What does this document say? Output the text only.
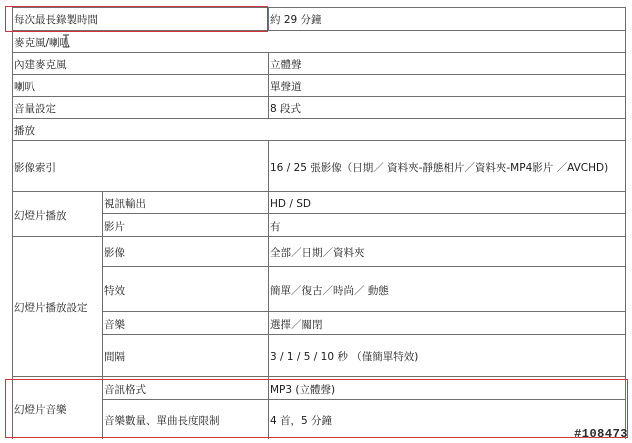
每次最長錄製時間	約 29 分鐘
麥克風/喇叭
內建麥克風	立體聲
喇叭	單聲道
音量設定	8 段式
播放
影像索引	16 / 25 張影像（日期／ 資料夾-靜態相片／資料夾-MP4影片 ／AVCHD)
幻燈片播放
視訊輸出	HD / SD
影片	有
幻燈片播放設定
影像	全部／日期／資料夾
特效	簡單／復古／時尚／ 動態
音樂	選擇／關閉
間隔	3 / 1 / 5 / 10 秒 （僅簡單特效)
幻燈片音樂
音訊格式	MP3 (立體聲)
音樂數量、單曲長度限制	4 首，5 分鐘
#108473
